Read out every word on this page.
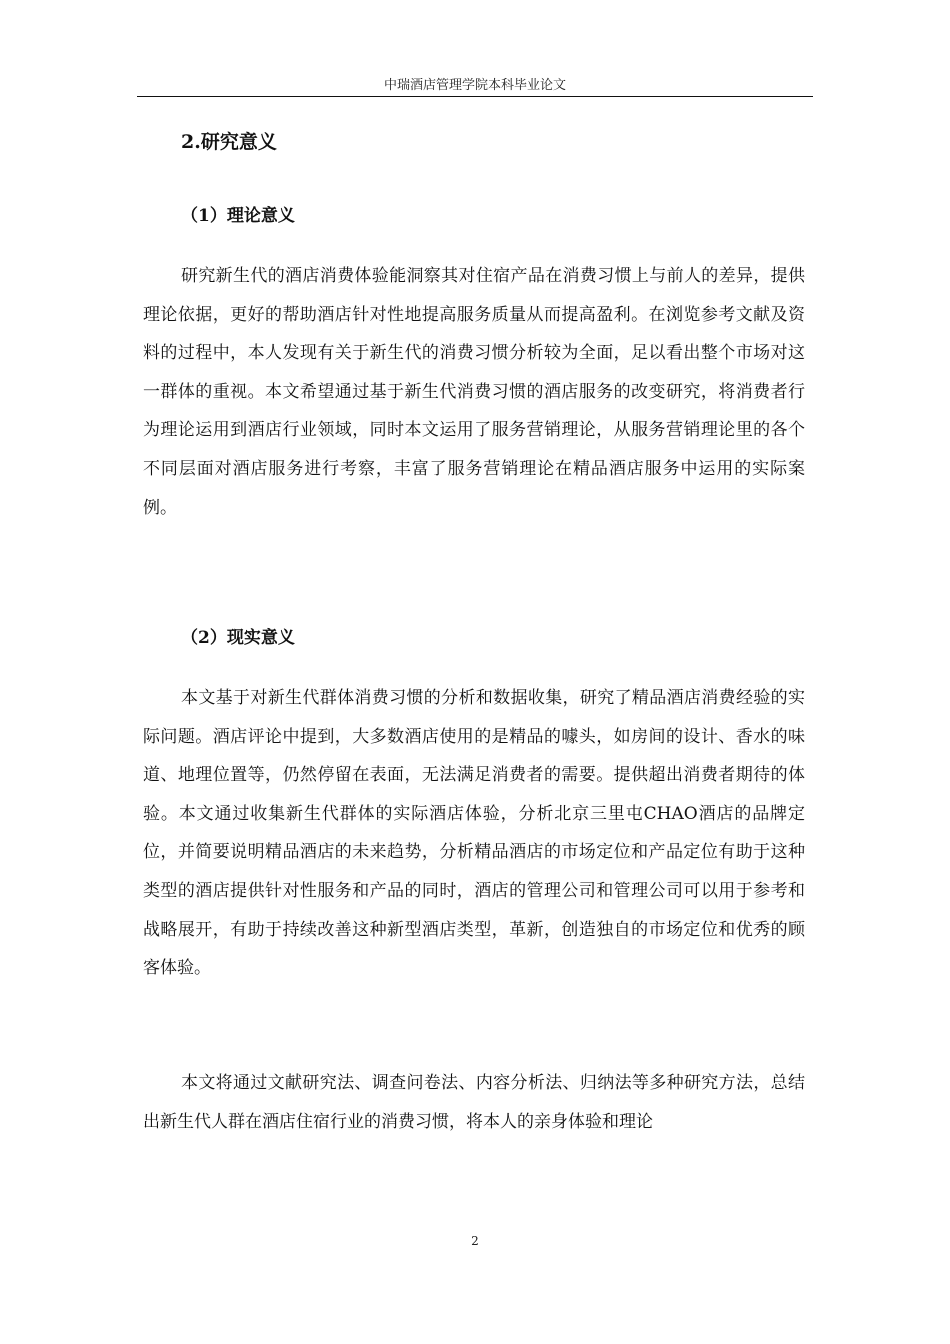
中瑞酒店管理学院本科毕业论文
2.研究意义
（1）理论意义

研究新生代的酒店消费体验能洞察其对住宿产品在消费习惯上与前人的差异，提供理论依据，更好的帮助酒店针对性地提高服务质量从而提高盈利。在浏览参考文献及资料的过程中，本人发现有关于新生代的消费习惯分析较为全面，足以看出整个市场对这一群体的重视。本文希望通过基于新生代消费习惯的酒店服务的改变研究，将消费者行为理论运用到酒店行业领域，同时本文运用了服务营销理论，从服务营销理论里的各个不同层面对酒店服务进行考察，丰富了服务营销理论在精品酒店服务中运用的实际案例。

（2）现实意义

本文基于对新生代群体消费习惯的分析和数据收集，研究了精品酒店消费经验的实际问题。酒店评论中提到，大多数酒店使用的是精品的噱头，如房间的设计、香水的味道、地理位置等，仍然停留在表面，无法满足消费者的需要。提供超出消费者期待的体验。本文通过收集新生代群体的实际酒店体验，分析北京三里屯CHAO酒店的品牌定位，并简要说明精品酒店的未来趋势，分析精品酒店的市场定位和产品定位有助于这种类型的酒店提供针对性服务和产品的同时，酒店的管理公司和管理公司可以用于参考和战略展开，有助于持续改善这种新型酒店类型，革新，创造独自的市场定位和优秀的顾客体验。

本文将通过文献研究法、调查问卷法、内容分析法、归纳法等多种研究方法，总结出新生代人群在酒店住宿行业的消费习惯，将本人的亲身体验和理论

2
